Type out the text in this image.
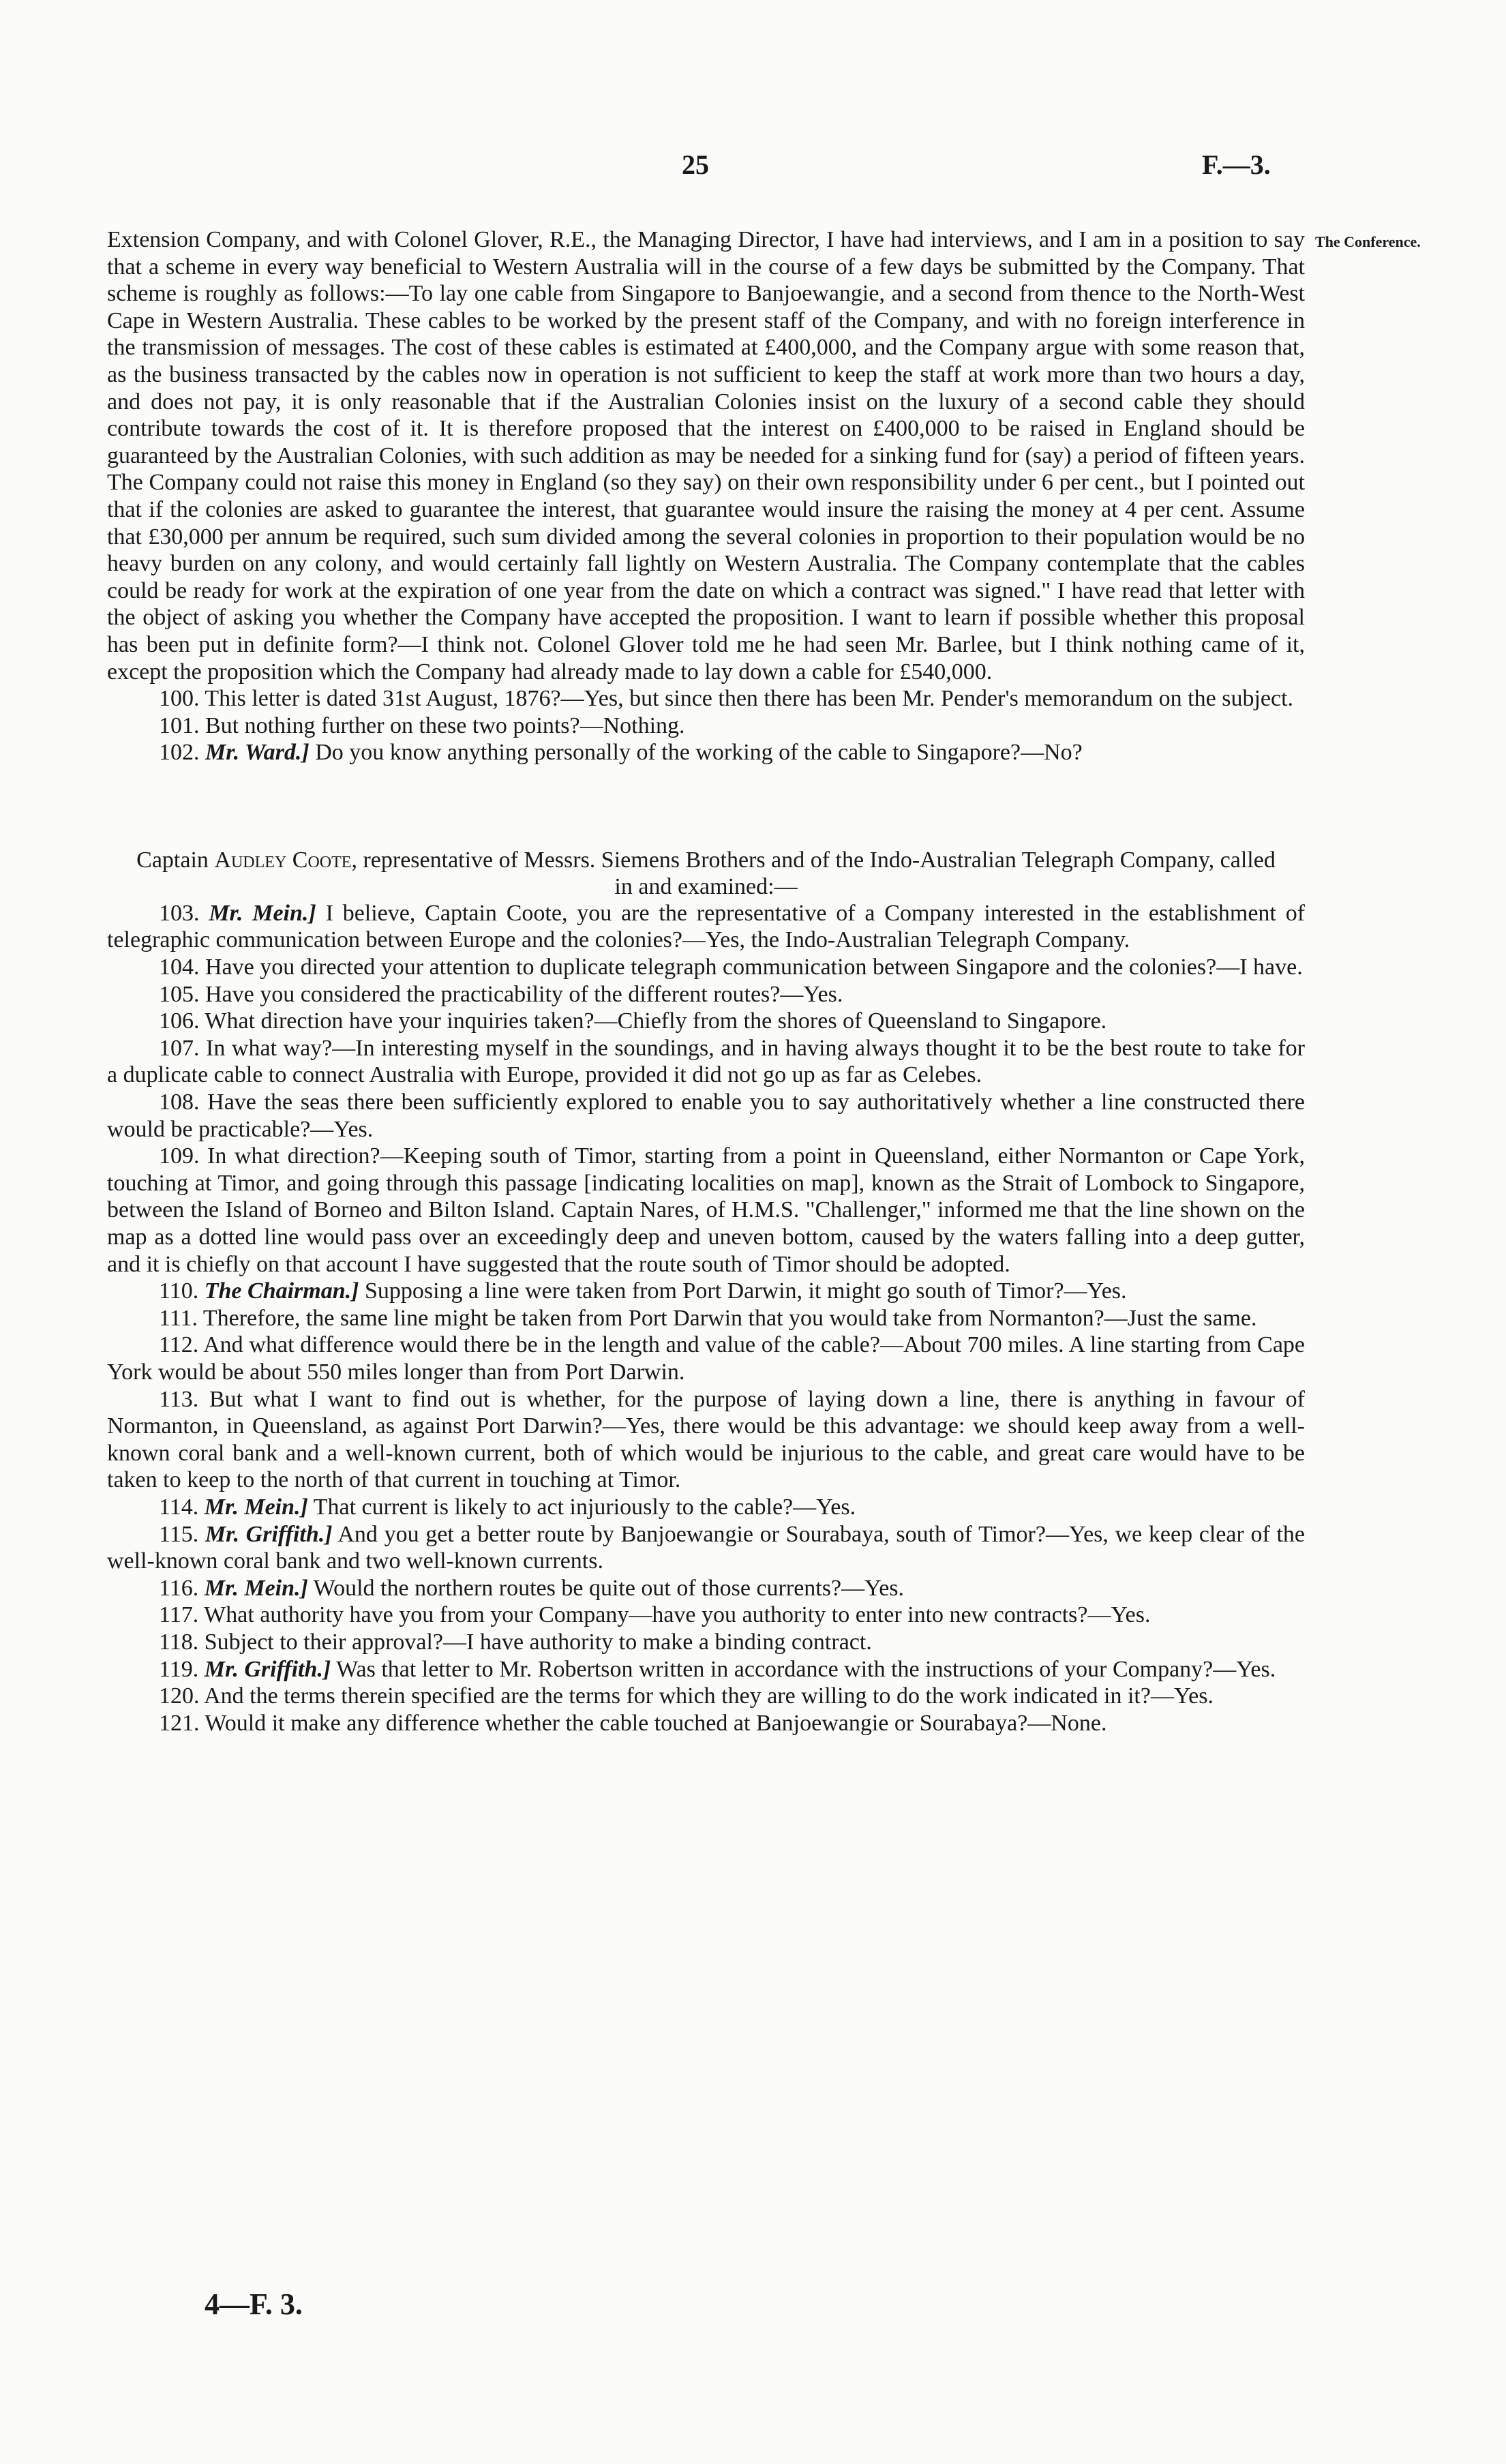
25	F.—3.
The Conference.

Extension Company, and with Colonel Glover, R.E., the Managing Director, I have had interviews, and I am in a position to say that a scheme in every way beneficial to Western Australia will in the course of a few days be submitted by the Company. That scheme is roughly as follows:—To lay one cable from Singapore to Banjoewangie, and a second from thence to the North-West Cape in Western Australia. These cables to be worked by the present staff of the Company, and with no foreign interference in the transmission of messages. The cost of these cables is estimated at £400,000, and the Company argue with some reason that, as the business transacted by the cables now in operation is not sufficient to keep the staff at work more than two hours a day, and does not pay, it is only reasonable that if the Australian Colonies insist on the luxury of a second cable they should contribute towards the cost of it. It is therefore proposed that the interest on £400,000 to be raised in England should be guaranteed by the Australian Colonies, with such addition as may be needed for a sinking fund for (say) a period of fifteen years. The Company could not raise this money in England (so they say) on their own responsibility under 6 per cent., but I pointed out that if the colonies are asked to guarantee the interest, that guarantee would insure the raising the money at 4 per cent. Assume that £30,000 per annum be required, such sum divided among the several colonies in proportion to their population would be no heavy burden on any colony, and would certainly fall lightly on Western Australia. The Company contemplate that the cables could be ready for work at the expiration of one year from the date on which a contract was signed." I have read that letter with the object of asking you whether the Company have accepted the proposition. I want to learn if possible whether this proposal has been put in definite form?—I think not. Colonel Glover told me he had seen Mr. Barlee, but I think nothing came of it, except the proposition which the Company had already made to lay down a cable for £540,000.

100. This letter is dated 31st August, 1876?—Yes, but since then there has been Mr. Pender's memorandum on the subject.

101. But nothing further on these two points?—Nothing.

102. Mr. Ward.] Do you know anything personally of the working of the cable to Singapore?—No?

Captain Audley Coote, representative of Messrs. Siemens Brothers and of the Indo-Australian Telegraph Company, called in and examined:—

103. Mr. Mein.] I believe, Captain Coote, you are the representative of a Company interested in the establishment of telegraphic communication between Europe and the colonies?—Yes, the Indo-Australian Telegraph Company.

104. Have you directed your attention to duplicate telegraph communication between Singapore and the colonies?—I have.

105. Have you considered the practicability of the different routes?—Yes.

106. What direction have your inquiries taken?—Chiefly from the shores of Queensland to Singapore.

107. In what way?—In interesting myself in the soundings, and in having always thought it to be the best route to take for a duplicate cable to connect Australia with Europe, provided it did not go up as far as Celebes.

108. Have the seas there been sufficiently explored to enable you to say authoritatively whether a line constructed there would be practicable?—Yes.

109. In what direction?—Keeping south of Timor, starting from a point in Queensland, either Normanton or Cape York, touching at Timor, and going through this passage [indicating localities on map], known as the Strait of Lombock to Singapore, between the Island of Borneo and Bilton Island. Captain Nares, of H.M.S. "Challenger," informed me that the line shown on the map as a dotted line would pass over an exceedingly deep and uneven bottom, caused by the waters falling into a deep gutter, and it is chiefly on that account I have suggested that the route south of Timor should be adopted.

110. The Chairman.] Supposing a line were taken from Port Darwin, it might go south of Timor?—Yes.

111. Therefore, the same line might be taken from Port Darwin that you would take from Normanton?—Just the same.

112. And what difference would there be in the length and value of the cable?—About 700 miles. A line starting from Cape York would be about 550 miles longer than from Port Darwin.

113. But what I want to find out is whether, for the purpose of laying down a line, there is anything in favour of Normanton, in Queensland, as against Port Darwin?—Yes, there would be this advantage: we should keep away from a well-known coral bank and a well-known current, both of which would be injurious to the cable, and great care would have to be taken to keep to the north of that current in touching at Timor.

114. Mr. Mein.] That current is likely to act injuriously to the cable?—Yes.

115. Mr. Griffith.] And you get a better route by Banjoewangie or Sourabaya, south of Timor?—Yes, we keep clear of the well-known coral bank and two well-known currents.

116. Mr. Mein.] Would the northern routes be quite out of those currents?—Yes.

117. What authority have you from your Company—have you authority to enter into new contracts?—Yes.

118. Subject to their approval?—I have authority to make a binding contract.

119. Mr. Griffith.] Was that letter to Mr. Robertson written in accordance with the instructions of your Company?—Yes.

120. And the terms therein specified are the terms for which they are willing to do the work indicated in it?—Yes.

121. Would it make any difference whether the cable touched at Banjoewangie or Sourabaya?—None.

4—F. 3.
